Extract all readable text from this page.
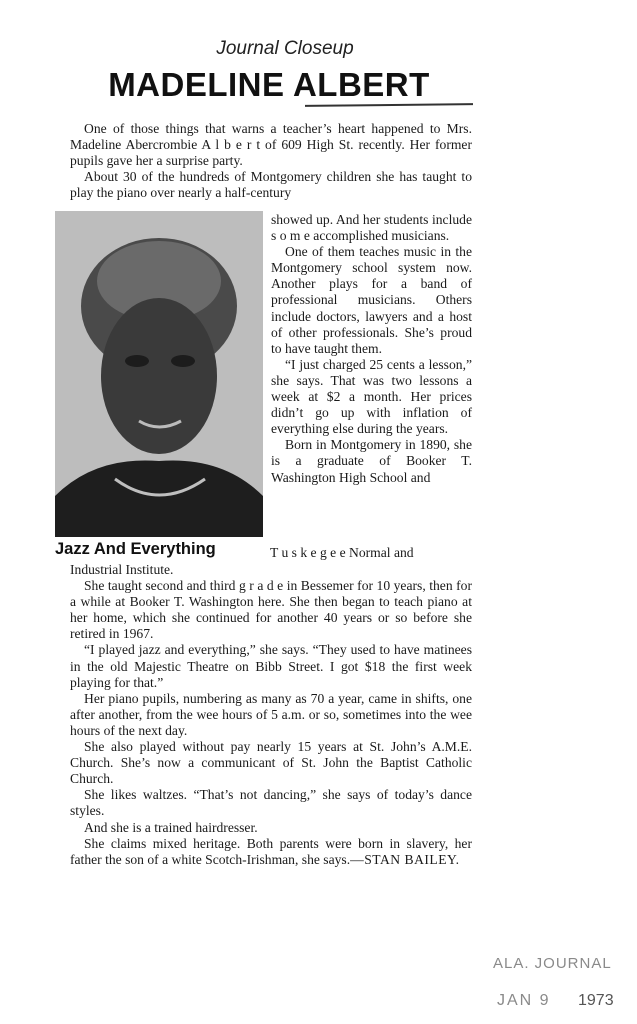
Journal Closeup
MADELINE ALBERT

One of those things that warns a teacher’s heart happened to Mrs. Madeline Abercrombie A l b e r t of 609 High St. recently. Her former pupils gave her a surprise party.

About 30 of the hundreds of Montgomery children she has taught to play the piano over nearly a half-century

showed up. And her students include s o m e accomplished musicians.

One of them teaches music in the Montgomery school system now. Another plays for a band of professional musicians. Others include doctors, lawyers and a host of other professionals. She’s proud to have taught them.

“I just charged 25 cents a lesson,” she says. That was two lessons a week at $2 a month. Her prices didn’t go up with inflation of everything else during the years.

Born in Montgomery in 1890, she is a graduate of Booker T. Washington High School and

Jazz And Everything	T u s k e g e e Normal and

Industrial Institute.

She taught second and third g r a d e in Bessemer for 10 years, then for a while at Booker T. Washington here. She then began to teach piano at her home, which she continued for another 40 years or so before she retired in 1967.

“I played jazz and everything,” she says. “They used to have matinees in the old Majestic Theatre on Bibb Street. I got $18 the first week playing for that.”

Her piano pupils, numbering as many as 70 a year, came in shifts, one after another, from the wee hours of 5 a.m. or so, sometimes into the wee hours of the next day.

She also played without pay nearly 15 years at St. John’s A.M.E. Church. She’s now a communicant of St. John the Baptist Catholic Church.

She likes waltzes. “That’s not dancing,” she says of today’s dance styles.

And she is a trained hairdresser.

She claims mixed heritage. Both parents were born in slavery, her father the son of a white Scotch-Irishman, she says.—STAN BAILEY.

ALA. JOURNAL
JAN 9 1973
